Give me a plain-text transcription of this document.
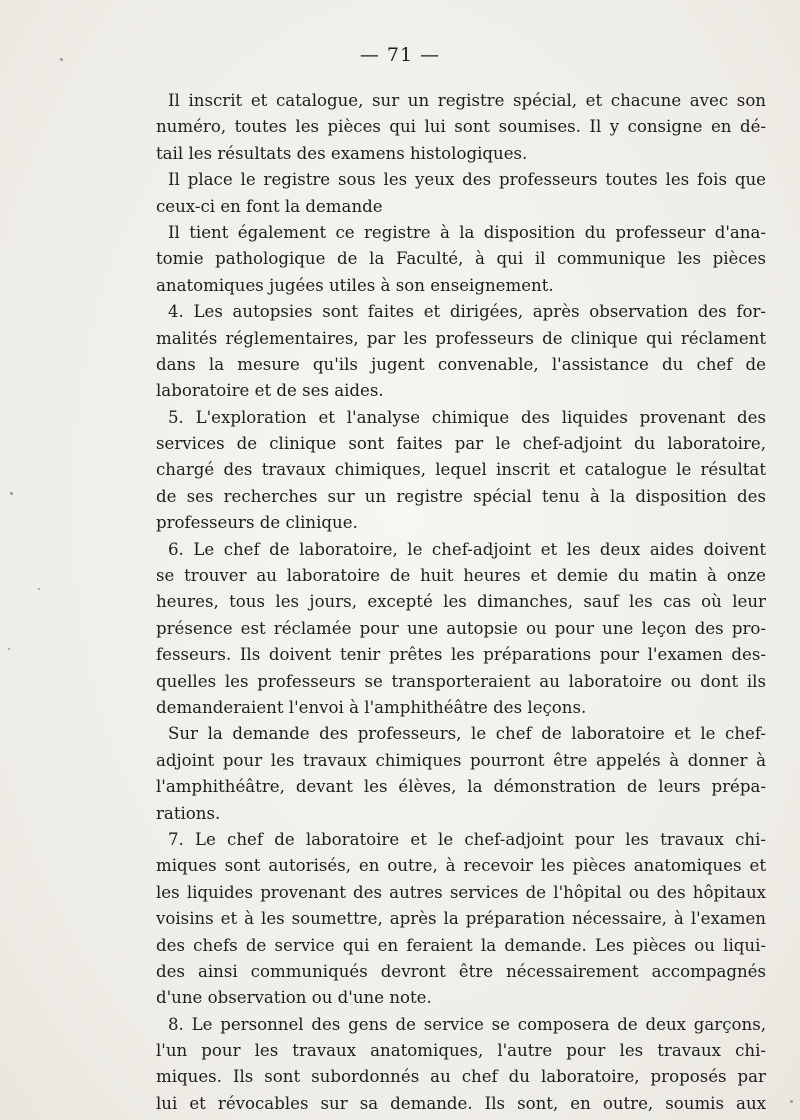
— 71 —
Il inscrit et catalogue, sur un registre spécial, et chacune avec son
numéro, toutes les pièces qui lui sont soumises. Il y consigne en dé-
tail les résultats des examens histologiques.
Il place le registre sous les yeux des professeurs toutes les fois que
ceux-ci en font la demande
Il tient également ce registre à la disposition du professeur d'ana-
tomie pathologique de la Faculté, à qui il communique les pièces
anatomiques jugées utiles à son enseignement.
4. Les autopsies sont faites et dirigées, après observation des for-
malités réglementaires, par les professeurs de clinique qui réclament
dans la mesure qu'ils jugent convenable, l'assistance du chef de
laboratoire et de ses aides.
5. L'exploration et l'analyse chimique des liquides provenant des
services de clinique sont faites par le chef-adjoint du laboratoire,
chargé des travaux chimiques, lequel inscrit et catalogue le résultat
de ses recherches sur un registre spécial tenu à la disposition des
professeurs de clinique.
6. Le chef de laboratoire, le chef-adjoint et les deux aides doivent
se trouver au laboratoire de huit heures et demie du matin à onze
heures, tous les jours, excepté les dimanches, sauf les cas où leur
présence est réclamée pour une autopsie ou pour une leçon des pro-
fesseurs. Ils doivent tenir prêtes les préparations pour l'examen des-
quelles les professeurs se transporteraient au laboratoire ou dont ils
demanderaient l'envoi à l'amphithéâtre des leçons.
Sur la demande des professeurs, le chef de laboratoire et le chef-
adjoint pour les travaux chimiques pourront être appelés à donner à
l'amphithéâtre, devant les élèves, la démonstration de leurs prépa-
rations.
7. Le chef de laboratoire et le chef-adjoint pour les travaux chi-
miques sont autorisés, en outre, à recevoir les pièces anatomiques et
les liquides provenant des autres services de l'hôpital ou des hôpitaux
voisins et à les soumettre, après la préparation nécessaire, à l'examen
des chefs de service qui en feraient la demande. Les pièces ou liqui-
des ainsi communiqués devront être nécessairement accompagnés
d'une observation ou d'une note.
8. Le personnel des gens de service se composera de deux garçons,
l'un pour les travaux anatomiques, l'autre pour les travaux chi-
miques. Ils sont subordonnés au chef du laboratoire, proposés par
lui et révocables sur sa demande. Ils sont, en outre, soumis aux
